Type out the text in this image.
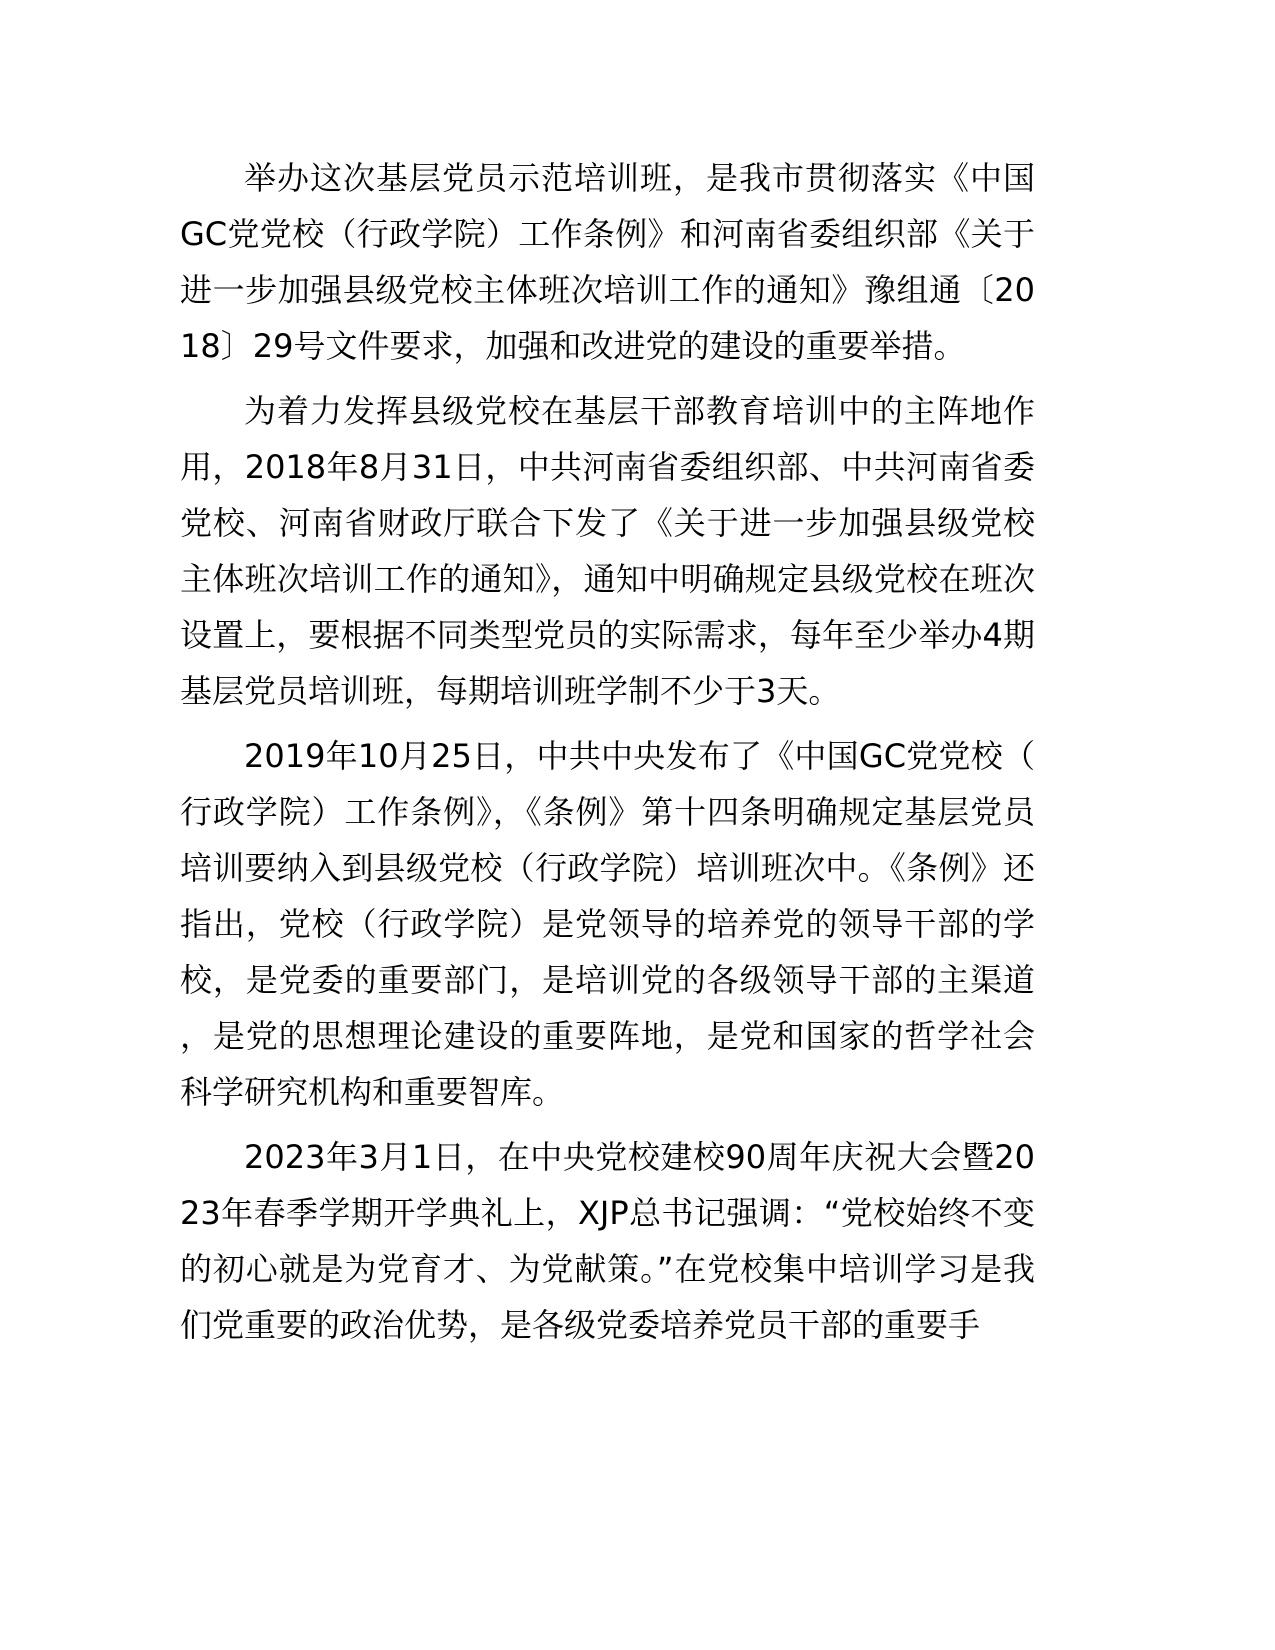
举办这次基层党员示范培训班，是我市贯彻落实《中国GC党党校（行政学院）工作条例》和河南省委组织部《关于进一步加强县级党校主体班次培训工作的通知》豫组通〔2018〕29号文件要求，加强和改进党的建设的重要举措。

为着力发挥县级党校在基层干部教育培训中的主阵地作用，2018年8月31日，中共河南省委组织部、中共河南省委党校、河南省财政厅联合下发了《关于进一步加强县级党校主体班次培训工作的通知》，通知中明确规定县级党校在班次设置上，要根据不同类型党员的实际需求，每年至少举办4期基层党员培训班，每期培训班学制不少于3天。

2019年10月25日，中共中央发布了《中国GC党党校（行政学院）工作条例》，《条例》第十四条明确规定基层党员培训要纳入到县级党校（行政学院）培训班次中。《条例》还指出，党校（行政学院）是党领导的培养党的领导干部的学校，是党委的重要部门，是培训党的各级领导干部的主渠道，是党的思想理论建设的重要阵地，是党和国家的哲学社会科学研究机构和重要智库。

2023年3月1日，在中央党校建校90周年庆祝大会暨2023年春季学期开学典礼上，XJP总书记强调：“党校始终不变的初心就是为党育才、为党献策。”在党校集中培训学习是我们党重要的政治优势，是各级党委培养党员干部的重要手
